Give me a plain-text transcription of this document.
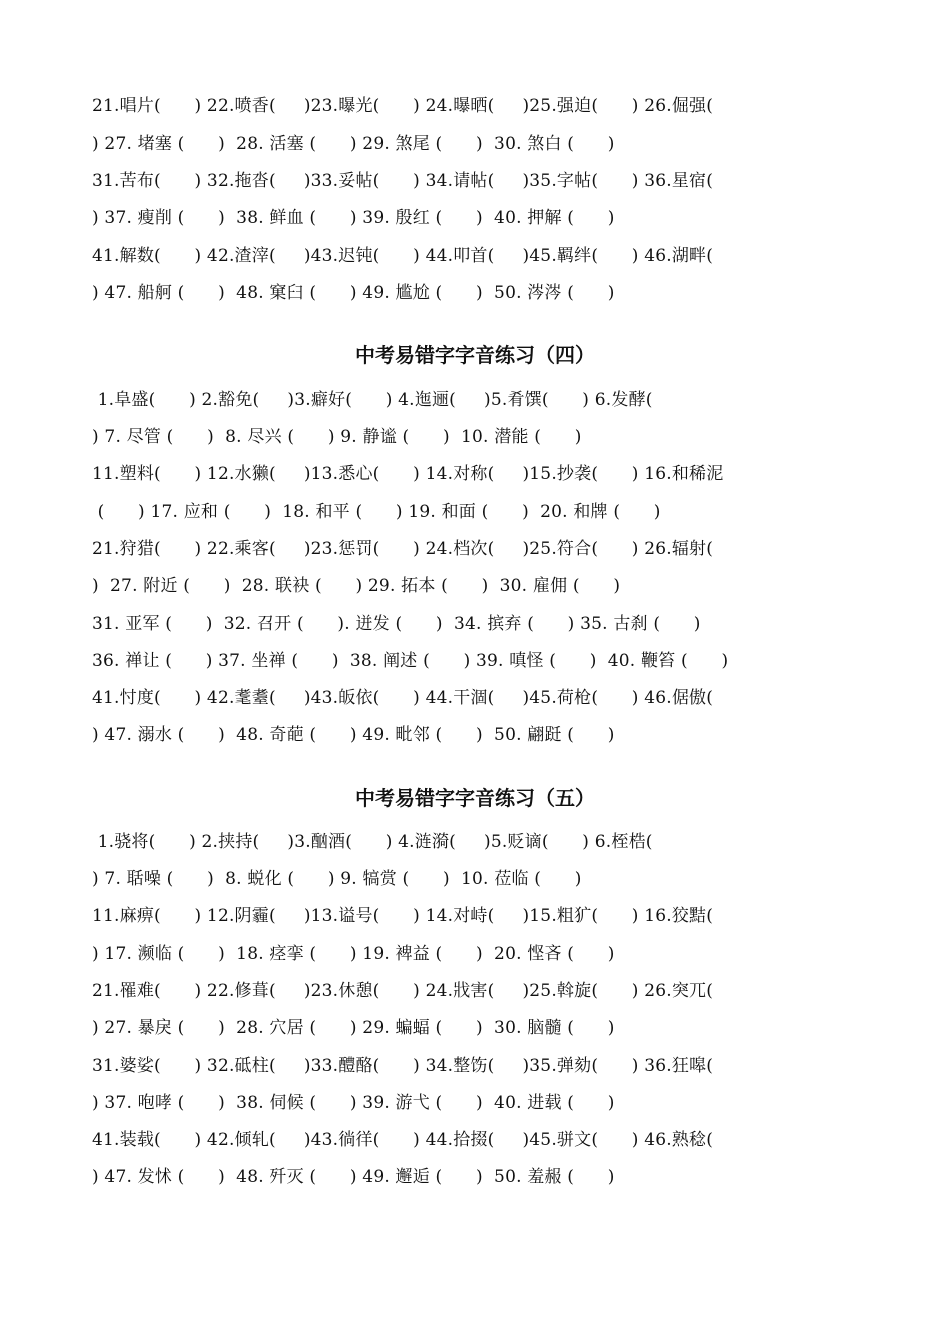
21.唱片(      ) 22.喷香(     )23.曝光(      ) 24.曝晒(     )25.强迫(      ) 26.倔强(
) 27. 堵塞 (      )  28. 活塞 (      ) 29. 煞尾 (      )  30. 煞白 (      )
31.苦布(      ) 32.拖沓(     )33.妥帖(      ) 34.请帖(     )35.字帖(      ) 36.星宿(
) 37. 瘦削 (      )  38. 鲜血 (      ) 39. 殷红 (      )  40. 押解 (      )
41.解数(      ) 42.渣滓(     )43.迟钝(      ) 44.叩首(     )45.羁绊(      ) 46.湖畔(
) 47. 船舸 (      )  48. 窠臼 (      ) 49. 尴尬 (      )  50. 涔涔 (      )
中考易错字字音练习（四）
1.阜盛(      ) 2.豁免(     )3.癖好(      ) 4.迤逦(     )5.肴馔(      ) 6.发酵(
) 7. 尽管 (      )  8. 尽兴 (      ) 9. 静谧 (      )  10. 潜能 (      )
11.塑料(      ) 12.水獭(     )13.悉心(      ) 14.对称(     )15.抄袭(      ) 16.和稀泥
(      ) 17. 应和 (      )  18. 和平 (      ) 19. 和面 (      )  20. 和牌 (      )
21.狩猎(      ) 22.乘客(     )23.惩罚(      ) 24.档次(     )25.符合(      ) 26.辐射(
)  27. 附近 (      )  28. 联袂 (      ) 29. 拓本 (      )  30. 雇佣 (      )
31. 亚军 (      )  32. 召开 (      ). 迸发 (      )  34. 摈弃 (      ) 35. 古刹 (      )
36. 禅让 (      ) 37. 坐禅 (      )  38. 阐述 (      ) 39. 嗔怪 (      )  40. 鞭笞 (      )
41.忖度(      ) 42.耄耋(     )43.皈依(      ) 44.干涸(     )45.荷枪(      ) 46.倨傲(
) 47. 溺水 (      )  48. 奇葩 (      ) 49. 毗邻 (      )  50. 翩跹 (      )
中考易错字字音练习（五）
1.骁将(      ) 2.挟持(     )3.酗酒(      ) 4.涟漪(     )5.贬谪(      ) 6.桎梏(
) 7. 聒噪 (      )  8. 蜕化 (      ) 9. 犒赏 (      )  10. 莅临 (      )
11.麻痹(      ) 12.阴霾(     )13.谥号(      ) 14.对峙(     )15.粗犷(      ) 16.狡黠(
) 17. 濒临 (      )  18. 痉挛 (      ) 19. 裨益 (      )  20. 悭吝 (      )
21.罹难(      ) 22.修葺(     )23.休憩(      ) 24.戕害(     )25.斡旋(      ) 26.突兀(
) 27. 暴戾 (      )  28. 穴居 (      ) 29. 蝙蝠 (      )  30. 脑髓 (      )
31.婆娑(      ) 32.砥柱(     )33.醴酪(      ) 34.整饬(     )35.弹劾(      ) 36.狂嗥(
) 37. 咆哮 (      )  38. 伺候 (      ) 39. 游弋 (      )  40. 进载 (      )
41.装载(      ) 42.倾轧(     )43.徜徉(      ) 44.拾掇(     )45.骈文(      ) 46.熟稔(
) 47. 发怵 (      )  48. 歼灭 (      ) 49. 邂逅 (      )  50. 羞赧 (      )
